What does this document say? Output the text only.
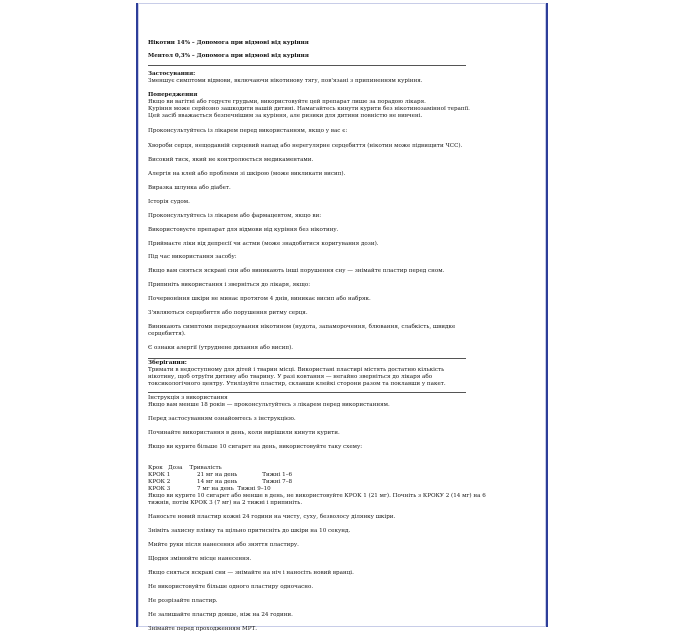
Нікотин 14% – Допомога при відмові від куріння
Ментол 0,3% – Допомога при відмові від куріння
Застосування:
Зменшує симптоми відмови, включаючи нікотинову тягу, пов'язані з припиненням куріння.
Попередження
Якщо ви вагітні або годуєте грудьми, використовуйте цей препарат лише за порадою лікаря.
Куріння може серйозно зашкодити вашій дитині. Намагайтесь кинути курити без нікотинозамінної терапії.
Цей засіб вважається безпечнішим за куріння, але ризики для дитини повністю не вивчені.
Проконсультуйтесь із лікарем перед використанням, якщо у вас є:
Хвороби серця, нещодавній серцевий напад або нерегулярне серцебиття (нікотин може підвищити ЧСС).
Високий тиск, який не контролюється медикаментами.
Алергія на клей або проблеми зі шкірою (може викликати висип).
Виразка шлунка або діабет.
Історія судом.
Проконсультуйтесь із лікарем або фармацевтом, якщо ви:
Використовуєте препарат для відмови від куріння без нікотину.
Приймаєте ліки від депресії чи астми (може знадобитися коригування дози).
Під час використання засобу:
Якщо вам сняться яскраві сни або виникають інші порушення сну — знімайте пластир перед сном.
Припиніть використання і зверніться до лікаря, якщо:
Почервоніння шкіри не минає протягом 4 днів, виникає висип або набряк.
З'являються серцебиття або порушення ритму серця.
Виникають симптоми передозування нікотином (нудота, запаморочення, блювання, слабкість, швидке
серцебиття).
Є ознаки алергії (утруднене дихання або висип).
Зберігання:
Тримати в недоступному для дітей і тварин місці. Використані пластирі містять достатню кількість
нікотину, щоб отруїти дитину або тварину. У разі ковтання — негайно зверніться до лікаря або
токсикологічного центру. Утилізуйте пластир, склавши клейкі сторони разом та поклавши у пакет.
Інструкція з використання
Якщо вам менше 18 років — проконсультуйтесь з лікарем перед використанням.
Перед застосуванням ознайомтесь з інструкцією.
Починайте використання в день, коли вирішили кинути курити.
Якщо ви курите більше 10 сигарет на день, використовуйте таку схему:
Крок   Доза    Тривалість
КРОК 1               21 мг на день              Тижні 1–6
КРОК 2               14 мг на день              Тижні 7–8
КРОК 3               7 мг на день  Тижні 9–10
Якщо ви курите 10 сигарет або менше в день, не використовуйте КРОК 1 (21 мг). Почніть з КРОКУ 2 (14 мг) на 6
тижнів, потім КРОК 3 (7 мг) на 2 тижні і припиніть.
Наносьте новий пластир кожні 24 години на чисту, суху, безволосу ділянку шкіри.
Зніміть захисну плівку та щільно притисніть до шкіри на 10 секунд.
Мийте руки після нанесення або зняття пластиру.
Щодня змінюйте місце нанесення.
Якщо сняться яскраві сни — знімайте на ніч і наносіть новий вранці.
Не використовуйте більше одного пластиру одночасно.
Не розрізайте пластир.
Не залишайте пластир довше, ніж на 24 години.
Знімайте перед проходженням МРТ.
